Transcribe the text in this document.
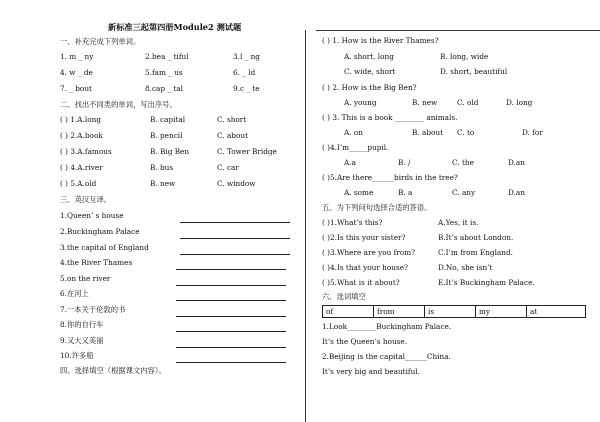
新标准三起第四册Module2 测试题
一、补充完成下列单词。
1. m _ ny	2.bea _ tiful	3.l _ ng
4. w _ de	5.fam _ us	6. _ ld
7. _ bout	8.cap _ tal	9.c _ te
二、找出不同类的单词，写出序号。
( ) 1.A.long	B. capital	C. short
( ) 2.A.book	B. pencil	C. about
( ) 3.A.famous	B. Big Ben	C. Tower Bridge
( ) 4.A.river	B. bus	C. car
( ) 5.A.old	B. new	C. window
三、英汉互译。
1.Queen’ s house
2.Buckingham Palace
3.the capital of England
4.the River Thames
5.on the river
6.在河上
7.一本关于伦敦的书
8.你的自行车
9.又大又美丽
10.许多船
四、选择填空（根据课文内容）。
( ) 1. How is the River Thames?
A. short, long	B. long, wide
C. wide, short	D. short, beautiful
( ) 2. How is the Big Ben?
A. young	B. new	C. old	D. long
( ) 3. This is a book ________ animals.
A. on	B. about C. to	D. for
( )4.I’m_____pupil.
A.a	B. /	C. the	D.an
( )5.Are there______birds in the tree?
A. some	B. a	C. any	D.an
五、为下列问句选择合适的答语。
( )1.What’s this?	A.Yes, it is.
( )2.Is this your sister?	B.It’s about London.
( )3.Where are you from?	C.I’m from England.
( )4.Is that your house?	D.No, she isn’t
( )5.What is it about?	E.It’s Buckingham Palace.
六、选词填空
of	from	is	my	at
1.Look________Buckingham Palace.
It’s the Queen’s house.
2.Beijing is the capital______China.
It’s very big and beautiful.
